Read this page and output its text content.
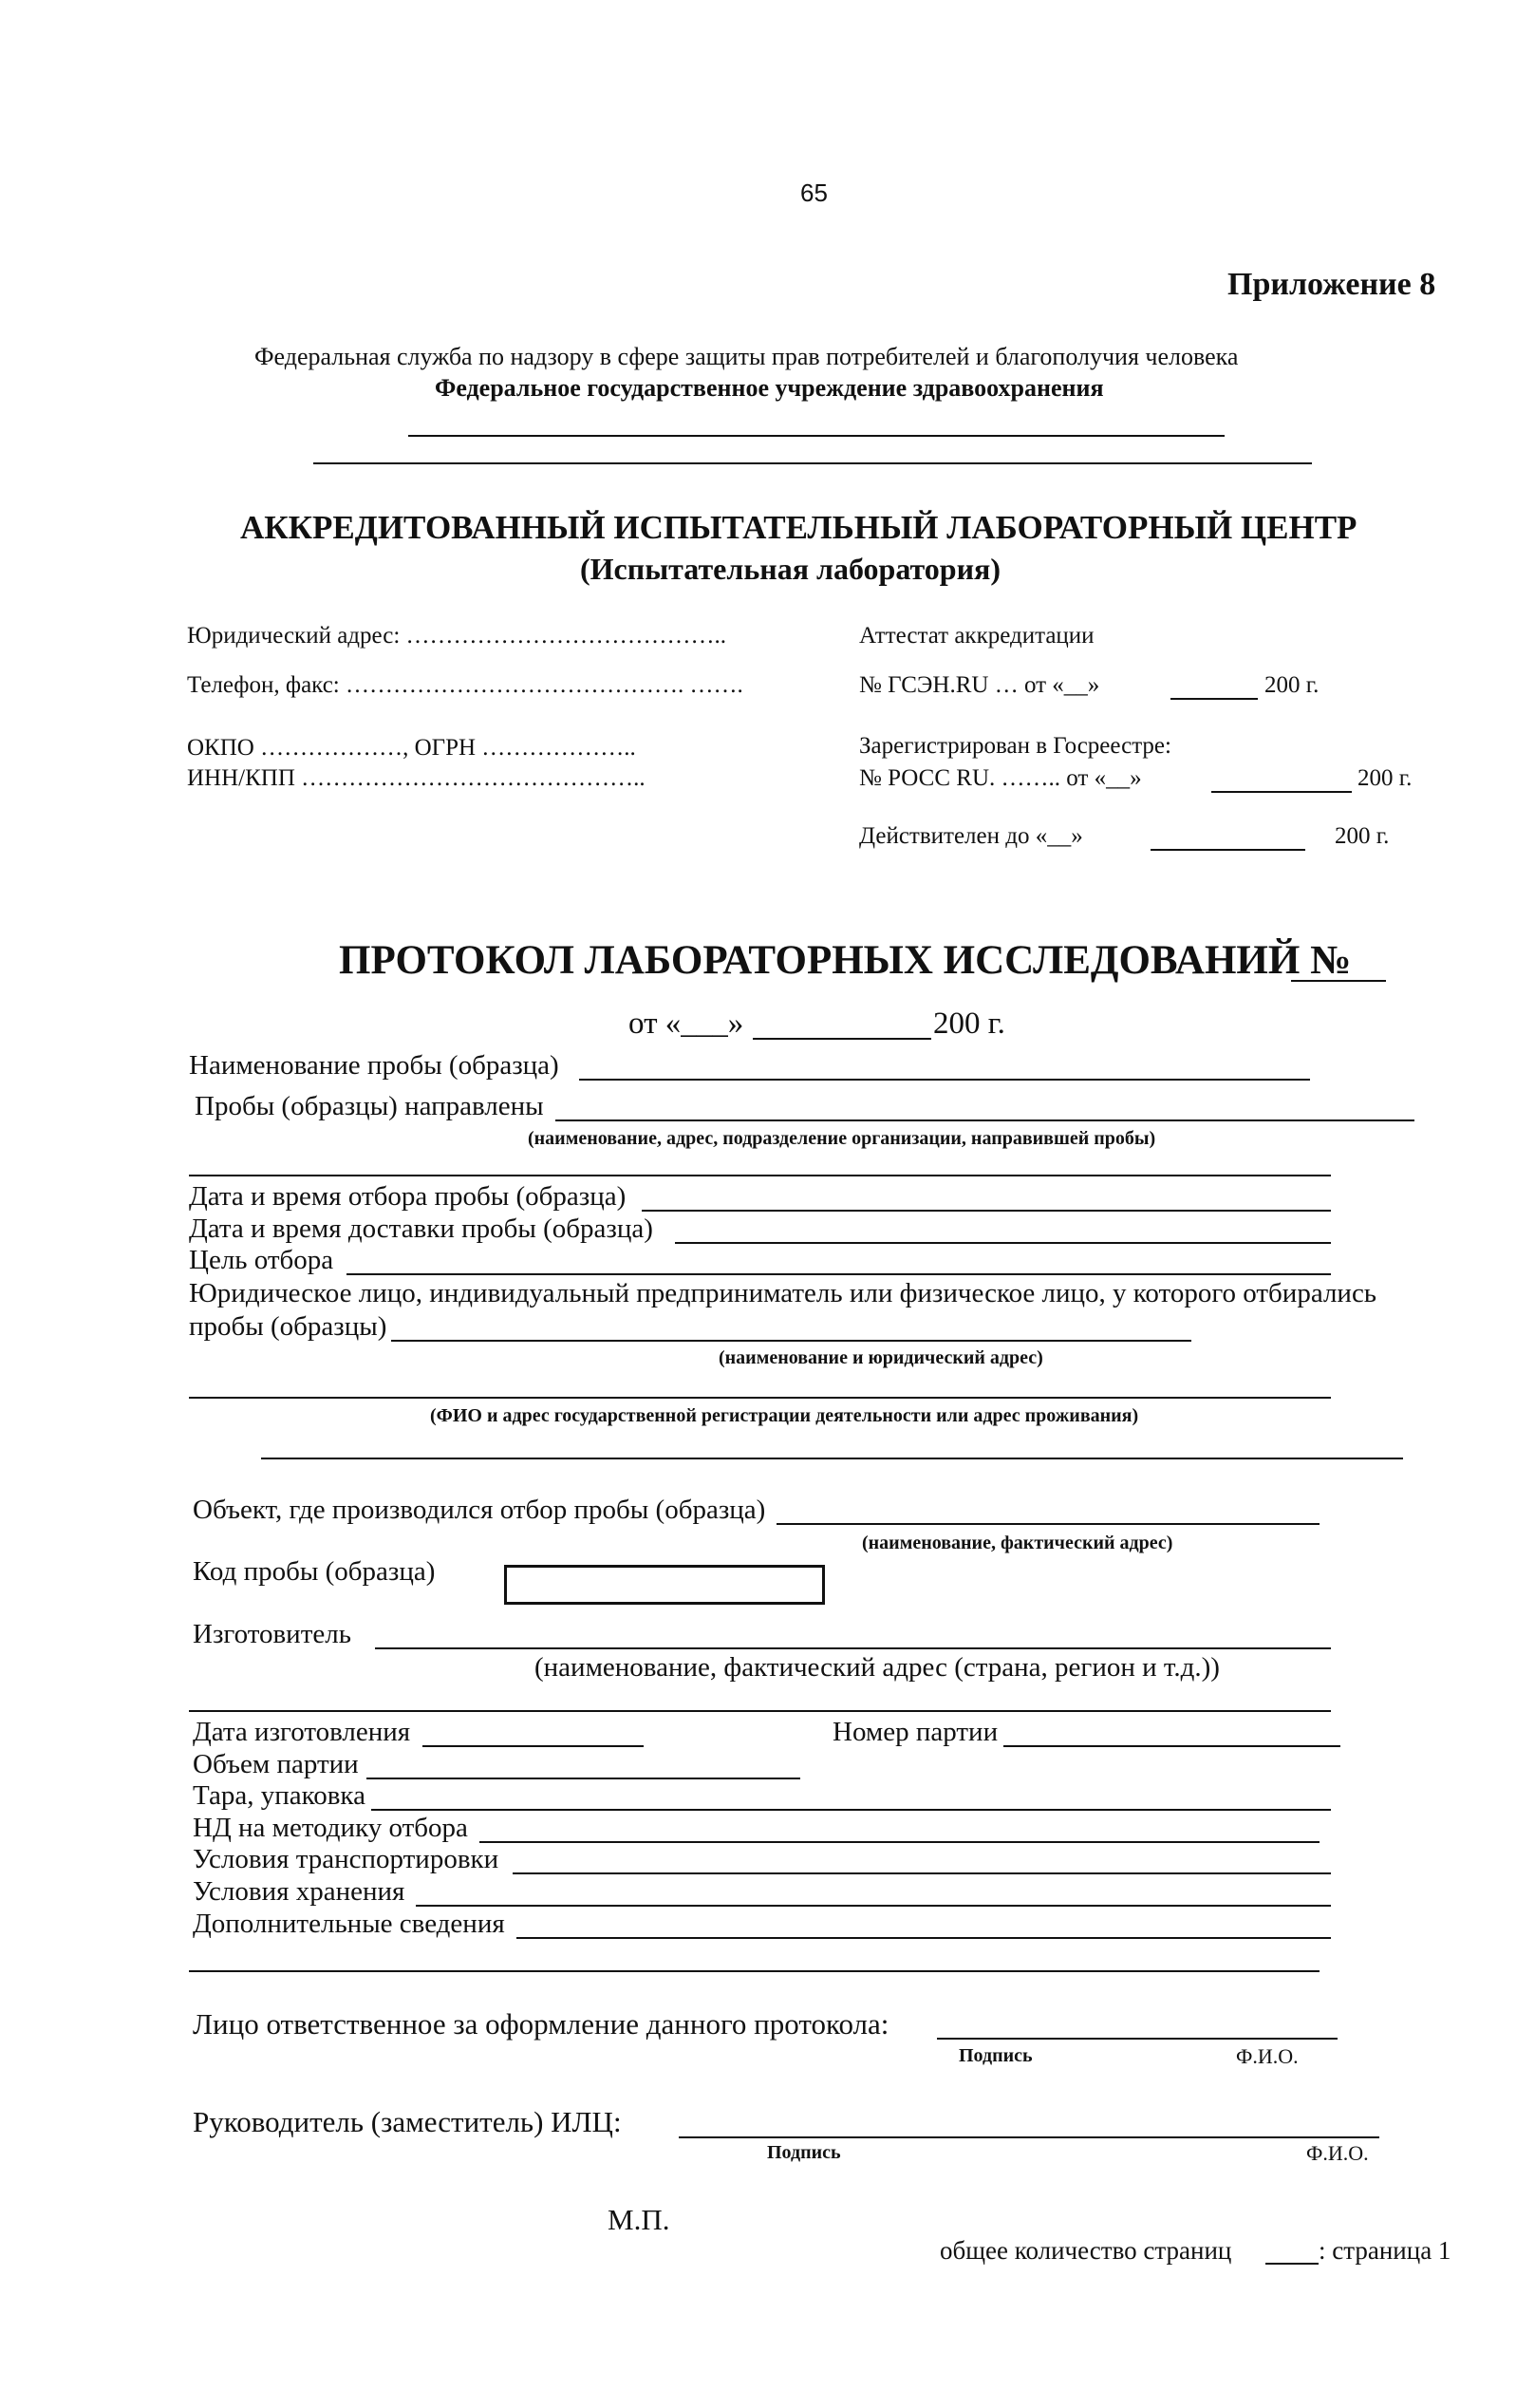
65
Приложение 8
Федеральная служба по надзору в сфере защиты прав потребителей и благополучия человека
Федеральное государственное учреждение здравоохранения
АККРЕДИТОВАННЫЙ ИСПЫТАТЕЛЬНЫЙ ЛАБОРАТОРНЫЙ ЦЕНТР
(Испытательная лаборатория)
Юридический адрес: …………………………………..
Телефон, факс: ……………………………………. …….
ОКПО ………………, ОГРН ………………..
ИНН/КПП ……………………………………..
Аттестат аккредитации
№ ГСЭН.RU … от «__»	200 г.
Зарегистрирован в Госреестре:
№ РОСС RU. …….. от «__»	200 г.
Действителен до «__»	200 г.
ПРОТОКОЛ ЛАБОРАТОРНЫХ ИССЛЕДОВАНИЙ №
от «___»	200 г.
Наименование пробы (образца)
Пробы (образцы) направлены
(наименование, адрес, подразделение организации, направившей пробы)
Дата и время отбора пробы (образца)
Дата и время доставки пробы (образца)
Цель отбора
Юридическое лицо, индивидуальный предприниматель или физическое лицо, у которого отбирались
пробы (образцы)
(наименование и юридический адрес)
(ФИО и адрес государственной регистрации деятельности или адрес проживания)
Объект, где производился отбор пробы (образца)
(наименование, фактический адрес)
Код пробы (образца)
Изготовитель
(наименование, фактический адрес (страна, регион и т.д.))
Дата изготовления	Номер партии
Объем партии
Тара, упаковка
НД на методику отбора
Условия транспортировки
Условия хранения
Дополнительные сведения
Лицо ответственное за оформление данного протокола:
Подпись	Ф.И.О.
Руководитель (заместитель) ИЛЦ:
Подпись	Ф.И.О.
М.П.
общее количество страниц	: страница 1
